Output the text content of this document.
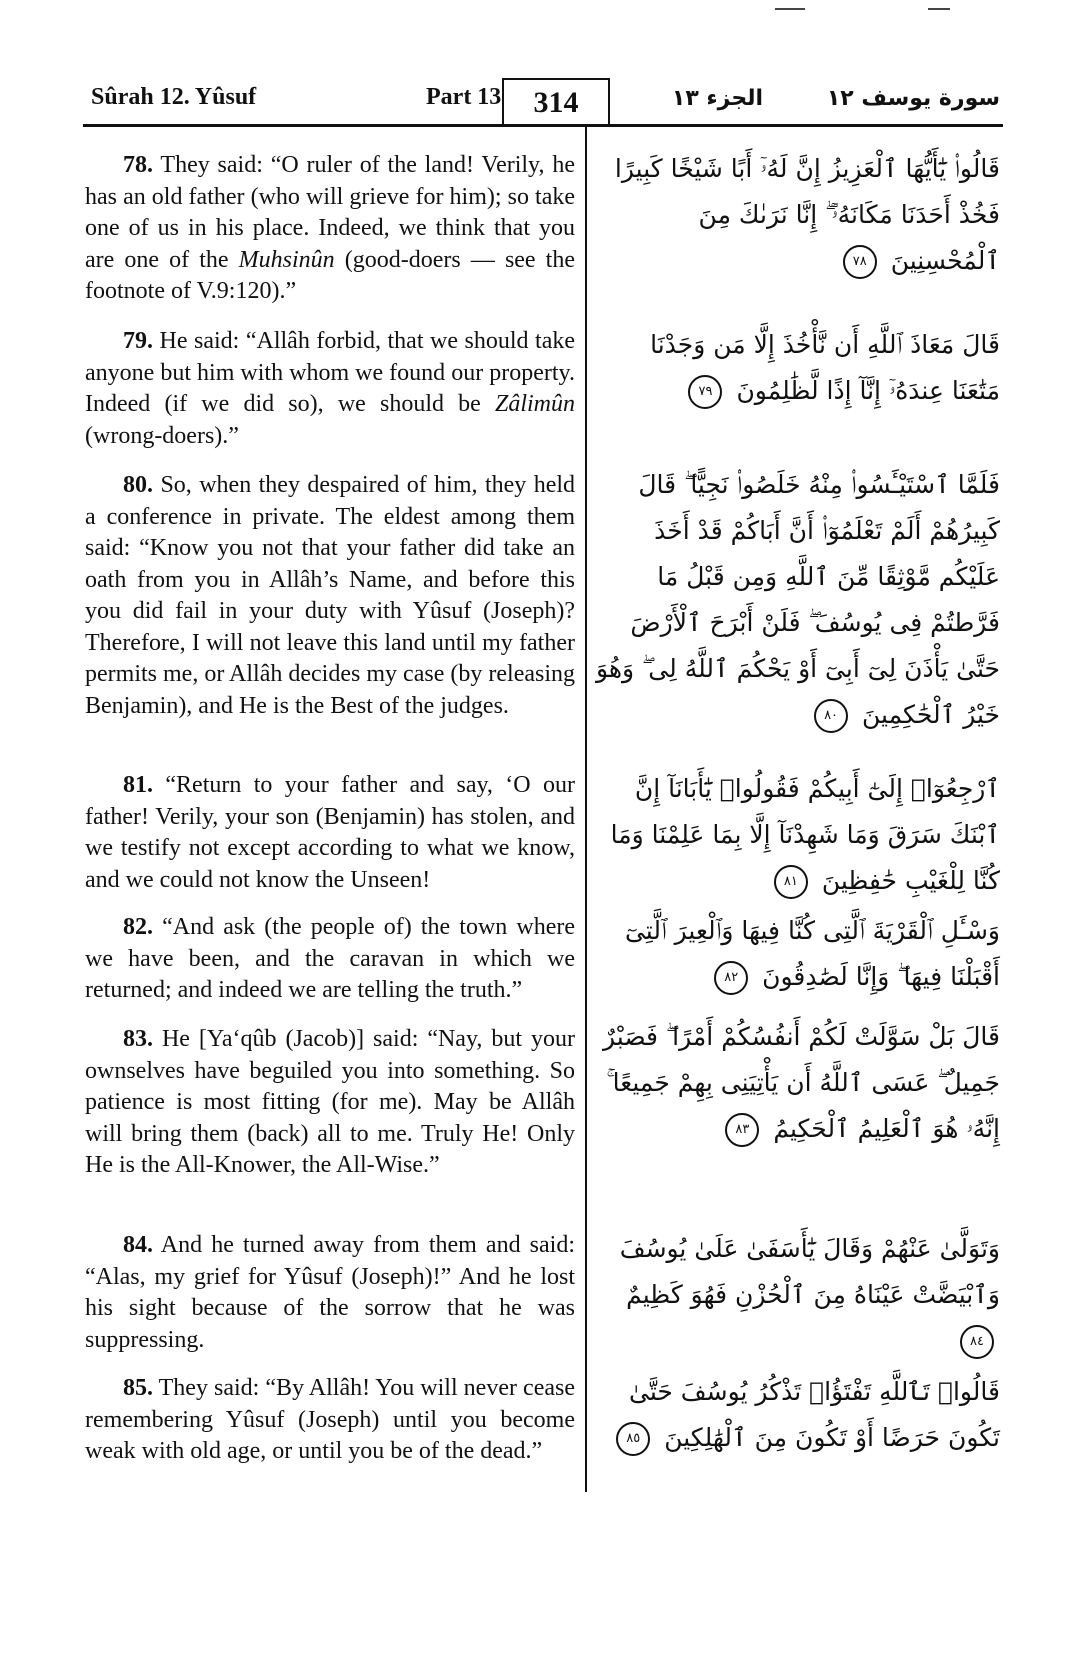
Sûrah 12. Yûsuf	Part 13	314	الجزء ١٣	سورة يوسف ١٢
78. They said: “O ruler of the land! Verily, he has an old father (who will grieve for him); so take one of us in his place. Indeed, we think that you are one of the Muhsinûn (good-doers — see the footnote of V.9:120).”
قَالُوا۟ يَٰٓأَيُّهَا ٱلْعَزِيزُ إِنَّ لَهُۥٓ أَبًا شَيْخًا كَبِيرًا فَخُذْ أَحَدَنَا مَكَانَهُۥٓ ۖ إِنَّا نَرَىٰكَ مِنَ ٱلْمُحْسِنِينَ ٧٨
79. He said: “Allâh forbid, that we should take anyone but him with whom we found our property. Indeed (if we did so), we should be Zâlimûn (wrong-doers).”
قَالَ مَعَاذَ ٱللَّهِ أَن نَّأْخُذَ إِلَّا مَن وَجَدْنَا مَتَٰعَنَا عِندَهُۥٓ إِنَّآ إِذًا لَّظَٰلِمُونَ ٧٩
80. So, when they despaired of him, they held a conference in private. The eldest among them said: “Know you not that your father did take an oath from you in Allâh’s Name, and before this you did fail in your duty with Yûsuf (Joseph)? Therefore, I will not leave this land until my father permits me, or Allâh decides my case (by releasing Benjamin), and He is the Best of the judges.
فَلَمَّا ٱسْتَيْـَٔسُوا۟ مِنْهُ خَلَصُوا۟ نَجِيًّا ۖ قَالَ كَبِيرُهُمْ أَلَمْ تَعْلَمُوٓا۟ أَنَّ أَبَاكُمْ قَدْ أَخَذَ عَلَيْكُم مَّوْثِقًا مِّنَ ٱللَّهِ وَمِن قَبْلُ مَا فَرَّطتُمْ فِى يُوسُفَ ۖ فَلَنْ أَبْرَحَ ٱلْأَرْضَ حَتَّىٰ يَأْذَنَ لِىٓ أَبِىٓ أَوْ يَحْكُمَ ٱللَّهُ لِى ۖ وَهُوَ خَيْرُ ٱلْحَٰكِمِينَ ٨٠
81. “Return to your father and say, ‘O our father! Verily, your son (Benjamin) has stolen, and we testify not except according to what we know, and we could not know the Unseen!
ٱرْجِعُوٓا۟ إِلَىٰٓ أَبِيكُمْ فَقُولُوا۟ يَٰٓأَبَانَآ إِنَّ ٱبْنَكَ سَرَقَ وَمَا شَهِدْنَآ إِلَّا بِمَا عَلِمْنَا وَمَا كُنَّا لِلْغَيْبِ حَٰفِظِينَ ٨١
82. “And ask (the people of) the town where we have been, and the caravan in which we returned; and indeed we are telling the truth.”
وَسْـَٔلِ ٱلْقَرْيَةَ ٱلَّتِى كُنَّا فِيهَا وَٱلْعِيرَ ٱلَّتِىٓ أَقْبَلْنَا فِيهَا ۖ وَإِنَّا لَصَٰدِقُونَ ٨٢
83. He [Ya‘qûb (Jacob)] said: “Nay, but your ownselves have beguiled you into something. So patience is most fitting (for me). May be Allâh will bring them (back) all to me. Truly He! Only He is the All-Knower, the All-Wise.”
قَالَ بَلْ سَوَّلَتْ لَكُمْ أَنفُسُكُمْ أَمْرًا ۖ فَصَبْرٌ جَمِيلٌ ۖ عَسَى ٱللَّهُ أَن يَأْتِيَنِى بِهِمْ جَمِيعًا ۚ إِنَّهُۥ هُوَ ٱلْعَلِيمُ ٱلْحَكِيمُ ٨٣
84. And he turned away from them and said: “Alas, my grief for Yûsuf (Joseph)!” And he lost his sight because of the sorrow that he was suppressing.
وَتَوَلَّىٰ عَنْهُمْ وَقَالَ يَٰٓأَسَفَىٰ عَلَىٰ يُوسُفَ وَٱبْيَضَّتْ عَيْنَاهُ مِنَ ٱلْحُزْنِ فَهُوَ كَظِيمٌ ٨٤
85. They said: “By Allâh! You will never cease remembering Yûsuf (Joseph) until you become weak with old age, or until you be of the dead.”
قَالُوا۟ تَٱللَّهِ تَفْتَؤُا۟ تَذْكُرُ يُوسُفَ حَتَّىٰ تَكُونَ حَرَضًا أَوْ تَكُونَ مِنَ ٱلْهَٰلِكِينَ ٨٥
